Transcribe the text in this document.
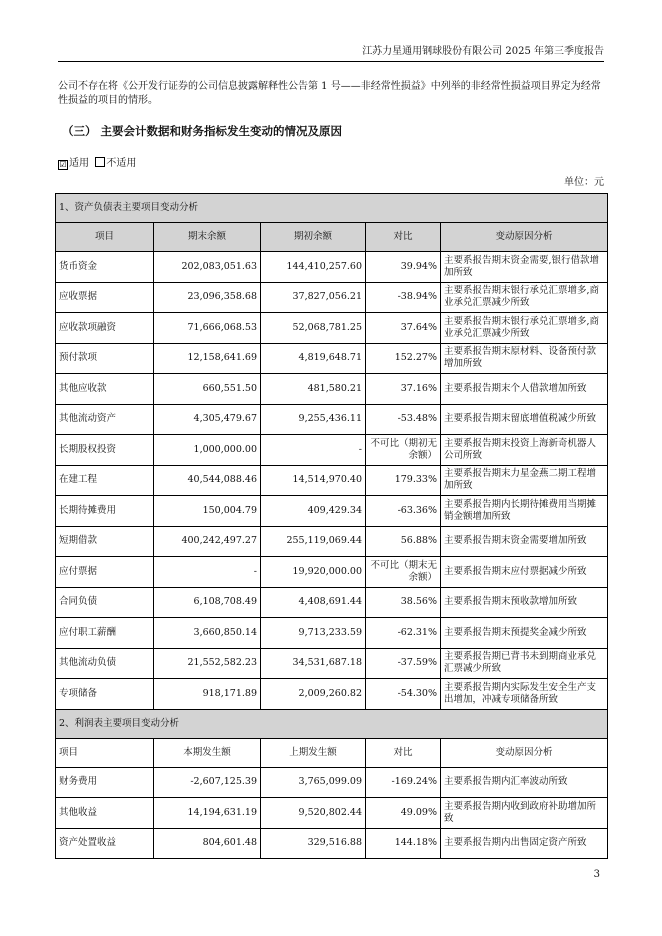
江苏力星通用钢球股份有限公司 2025 年第三季度报告
公司不存在将《公开发行证券的公司信息披露解释性公告第 1 号——非经常性损益》中列举的非经常性损益项目界定为经常性损益的项目的情形。
（三） 主要会计数据和财务指标发生变动的情况及原因
☑ 适用 不适用
单位：元
1、资产负债表主要项目变动分析				
项目	期末余额	期初余额	对比	变动原因分析
货币资金	202,083,051.63	144,410,257.60	39.94%	主要系报告期末资金需要,银行借款增加所致
应收票据	23,096,358.68	37,827,056.21	-38.94%	主要系报告期末银行承兑汇票增多,商业承兑汇票减少所致
应收款项融资	71,666,068.53	52,068,781.25	37.64%	主要系报告期末银行承兑汇票增多,商业承兑汇票减少所致
预付款项	12,158,641.69	4,819,648.71	152.27%	主要系报告期末原材料、设备预付款增加所致
其他应收款	660,551.50	481,580.21	37.16%	主要系报告期末个人借款增加所致
其他流动资产	4,305,479.67	9,255,436.11	-53.48%	主要系报告期末留底增值税减少所致
长期股权投资	1,000,000.00	-	不可比（期初无余额）	主要系报告期末投资上海新奇机器人公司所致
在建工程	40,544,088.46	14,514,970.40	179.33%	主要系报告期末力星金燕二期工程增加所致
长期待摊费用	150,004.79	409,429.34	-63.36%	主要系报告期内长期待摊费用当期摊销金额增加所致
短期借款	400,242,497.27	255,119,069.44	56.88%	主要系报告期末资金需要增加所致
应付票据	-	19,920,000.00	不可比（期末无余额）	主要系报告期末应付票据减少所致
合同负债	6,108,708.49	4,408,691.44	38.56%	主要系报告期末预收款增加所致
应付职工薪酬	3,660,850.14	9,713,233.59	-62.31%	主要系报告期末预提奖金减少所致
其他流动负债	21,552,582.23	34,531,687.18	-37.59%	主要系报告期已背书未到期商业承兑汇票减少所致
专项储备	918,171.89	2,009,260.82	-54.30%	主要系报告期内实际发生安全生产支出增加，冲减专项储备所致
2、利润表主要项目变动分析				
项目	本期发生额	上期发生额	对比	变动原因分析
财务费用	-2,607,125.39	3,765,099.09	-169.24%	主要系报告期内汇率波动所致
其他收益	14,194,631.19	9,520,802.44	49.09%	主要系报告期内收到政府补助增加所致
资产处置收益	804,601.48	329,516.88	144.18%	主要系报告期内出售固定资产所致
3
